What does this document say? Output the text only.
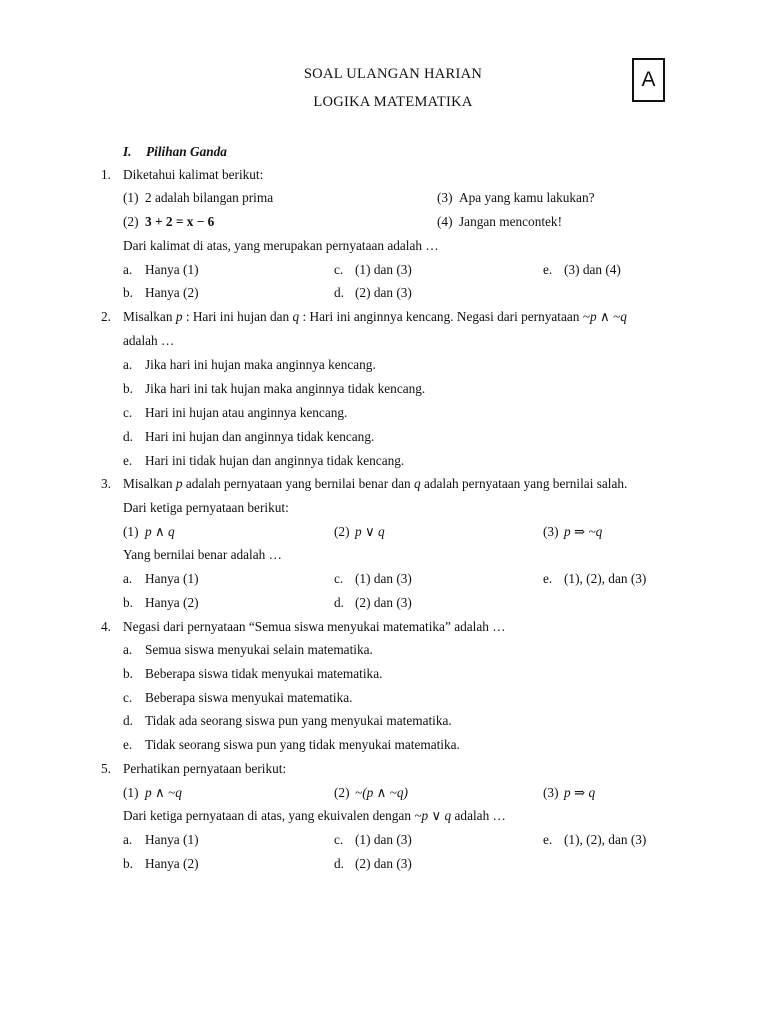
SOAL ULANGAN HARIAN
LOGIKA MATEMATIKA
A
I. Pilihan Ganda
1. Diketahui kalimat berikut:
(1) 2 adalah bilangan prima	(3) Apa yang kamu lakukan?
(2) 3 + 2 = x − 6	(4) Jangan mencontek!
Dari kalimat di atas, yang merupakan pernyataan adalah …
a. Hanya (1)	c. (1) dan (3)	e. (3) dan (4)
b. Hanya (2)	d. (2) dan (3)
2. Misalkan p : Hari ini hujan dan q : Hari ini anginnya kencang. Negasi dari pernyataan ~p ∧ ~q
adalah …
a. Jika hari ini hujan maka anginnya kencang.
b. Jika hari ini tak hujan maka anginnya tidak kencang.
c. Hari ini hujan atau anginnya kencang.
d. Hari ini hujan dan anginnya tidak kencang.
e. Hari ini tidak hujan dan anginnya tidak kencang.
3. Misalkan p adalah pernyataan yang bernilai benar dan q adalah pernyataan yang bernilai salah.
Dari ketiga pernyataan berikut:
(1) p ∧ q	(2) p ∨ q	(3) p ⇒ ~q
Yang bernilai benar adalah …
a. Hanya (1)	c. (1) dan (3)	e. (1), (2), dan (3)
b. Hanya (2)	d. (2) dan (3)
4. Negasi dari pernyataan “Semua siswa menyukai matematika” adalah …
a. Semua siswa menyukai selain matematika.
b. Beberapa siswa tidak menyukai matematika.
c. Beberapa siswa menyukai matematika.
d. Tidak ada seorang siswa pun yang menyukai matematika.
e. Tidak seorang siswa pun yang tidak menyukai matematika.
5. Perhatikan pernyataan berikut:
(1) p ∧ ~q	(2) ~(p ∧ ~q)	(3) p ⇒ q
Dari ketiga pernyataan di atas, yang ekuivalen dengan ~p ∨ q adalah …
a. Hanya (1)	c. (1) dan (3)	e. (1), (2), dan (3)
b. Hanya (2)	d. (2) dan (3)
